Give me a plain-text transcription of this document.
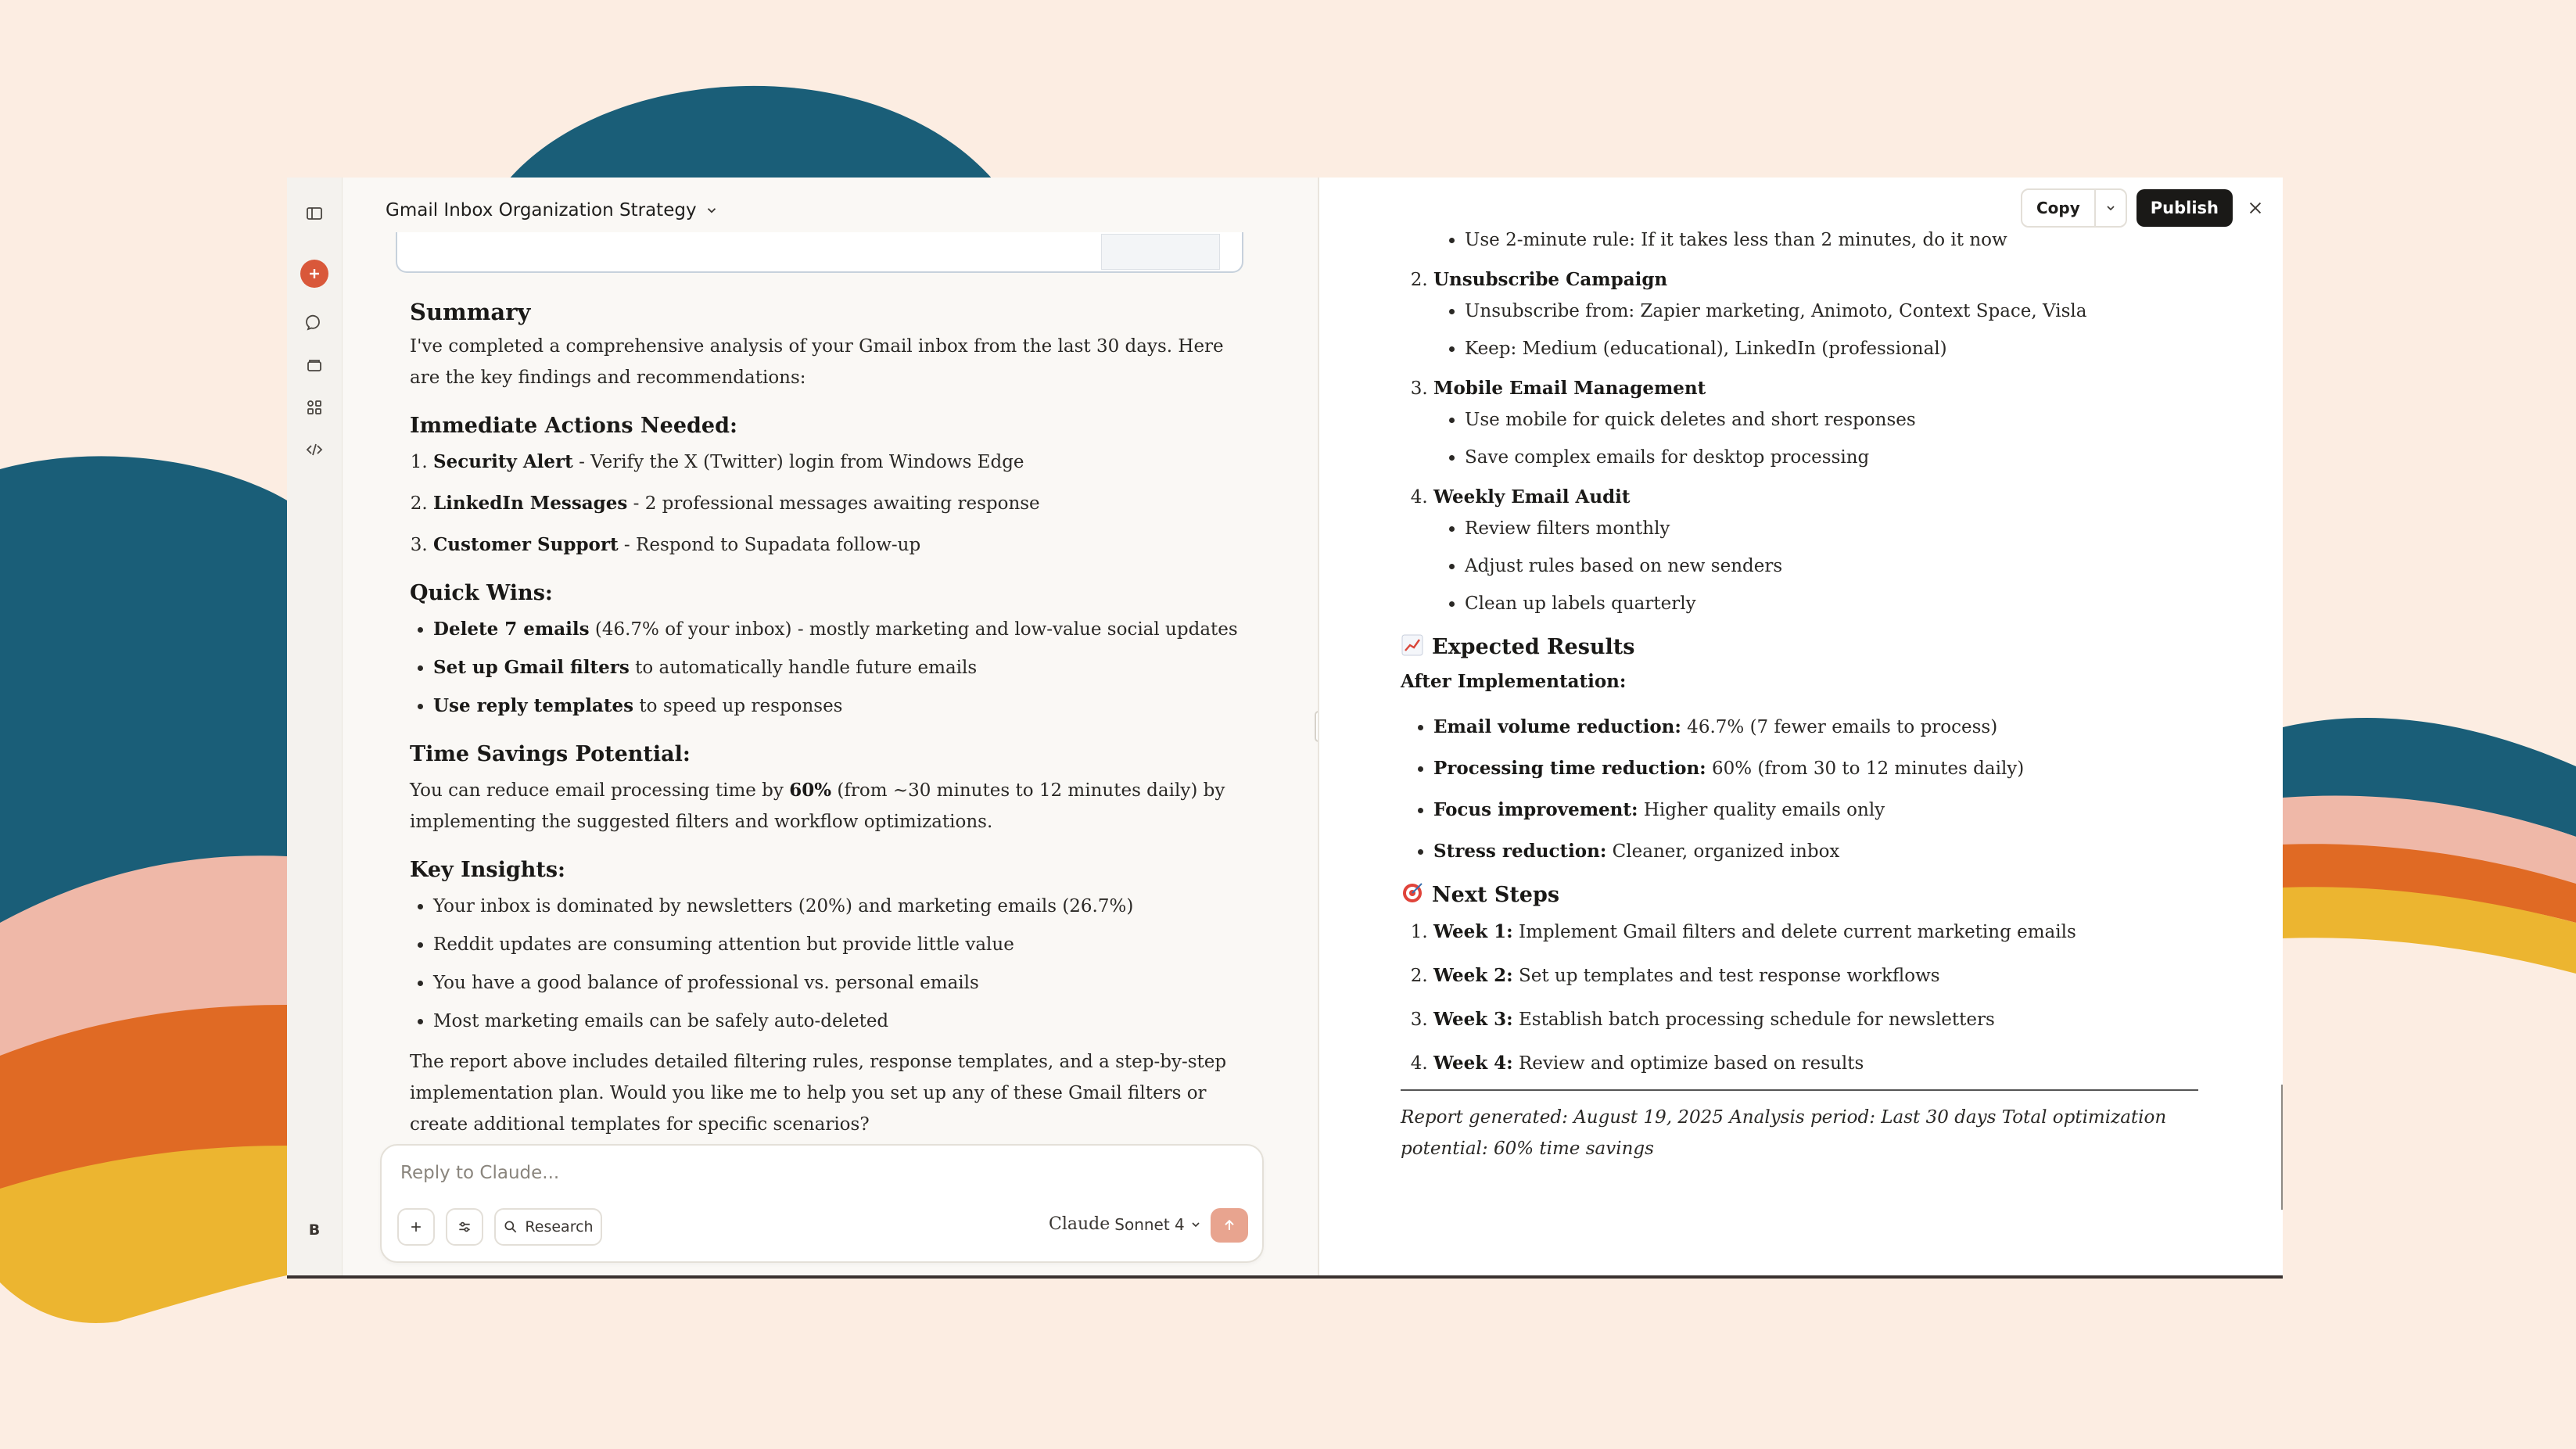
B
Gmail Inbox Organization Strategy
Summary

I've completed a comprehensive analysis of your Gmail inbox from the last 30 days. Here are the key findings and recommendations:

Immediate Actions Needed:
1. Security Alert - Verify the X (Twitter) login from Windows Edge
2. LinkedIn Messages - 2 professional messages awaiting response
3. Customer Support - Respond to Supadata follow-up
Quick Wins:
• Delete 7 emails (46.7% of your inbox) - mostly marketing and low-value social updates
• Set up Gmail filters to automatically handle future emails
• Use reply templates to speed up responses
Time Savings Potential:

You can reduce email processing time by 60% (from ~30 minutes to 12 minutes daily) by implementing the suggested filters and workflow optimizations.

Key Insights:
• Your inbox is dominated by newsletters (20%) and marketing emails (26.7%)
• Reddit updates are consuming attention but provide little value
• You have a good balance of professional vs. personal emails
• Most marketing emails can be safely auto-deleted

The report above includes detailed filtering rules, response templates, and a step-by-step implementation plan. Would you like me to help you set up any of these Gmail filters or create additional templates for specific scenarios?

Reply to Claude...
Research	Claude Sonnet 4
Copy	Publish
• Use 2-minute rule: If it takes less than 2 minutes, do it now
2. Unsubscribe Campaign
• Unsubscribe from: Zapier marketing, Animoto, Context Space, Visla
• Keep: Medium (educational), LinkedIn (professional)
3. Mobile Email Management
• Use mobile for quick deletes and short responses
• Save complex emails for desktop processing
4. Weekly Email Audit
• Review filters monthly
• Adjust rules based on new senders
• Clean up labels quarterly
Expected Results
After Implementation:
• Email volume reduction: 46.7% (7 fewer emails to process)
• Processing time reduction: 60% (from 30 to 12 minutes daily)
• Focus improvement: Higher quality emails only
• Stress reduction: Cleaner, organized inbox
Next Steps
1. Week 1: Implement Gmail filters and delete current marketing emails
2. Week 2: Set up templates and test response workflows
3. Week 3: Establish batch processing schedule for newsletters
4. Week 4: Review and optimize based on results
Report generated: August 19, 2025 Analysis period: Last 30 days Total optimization potential: 60% time savings
